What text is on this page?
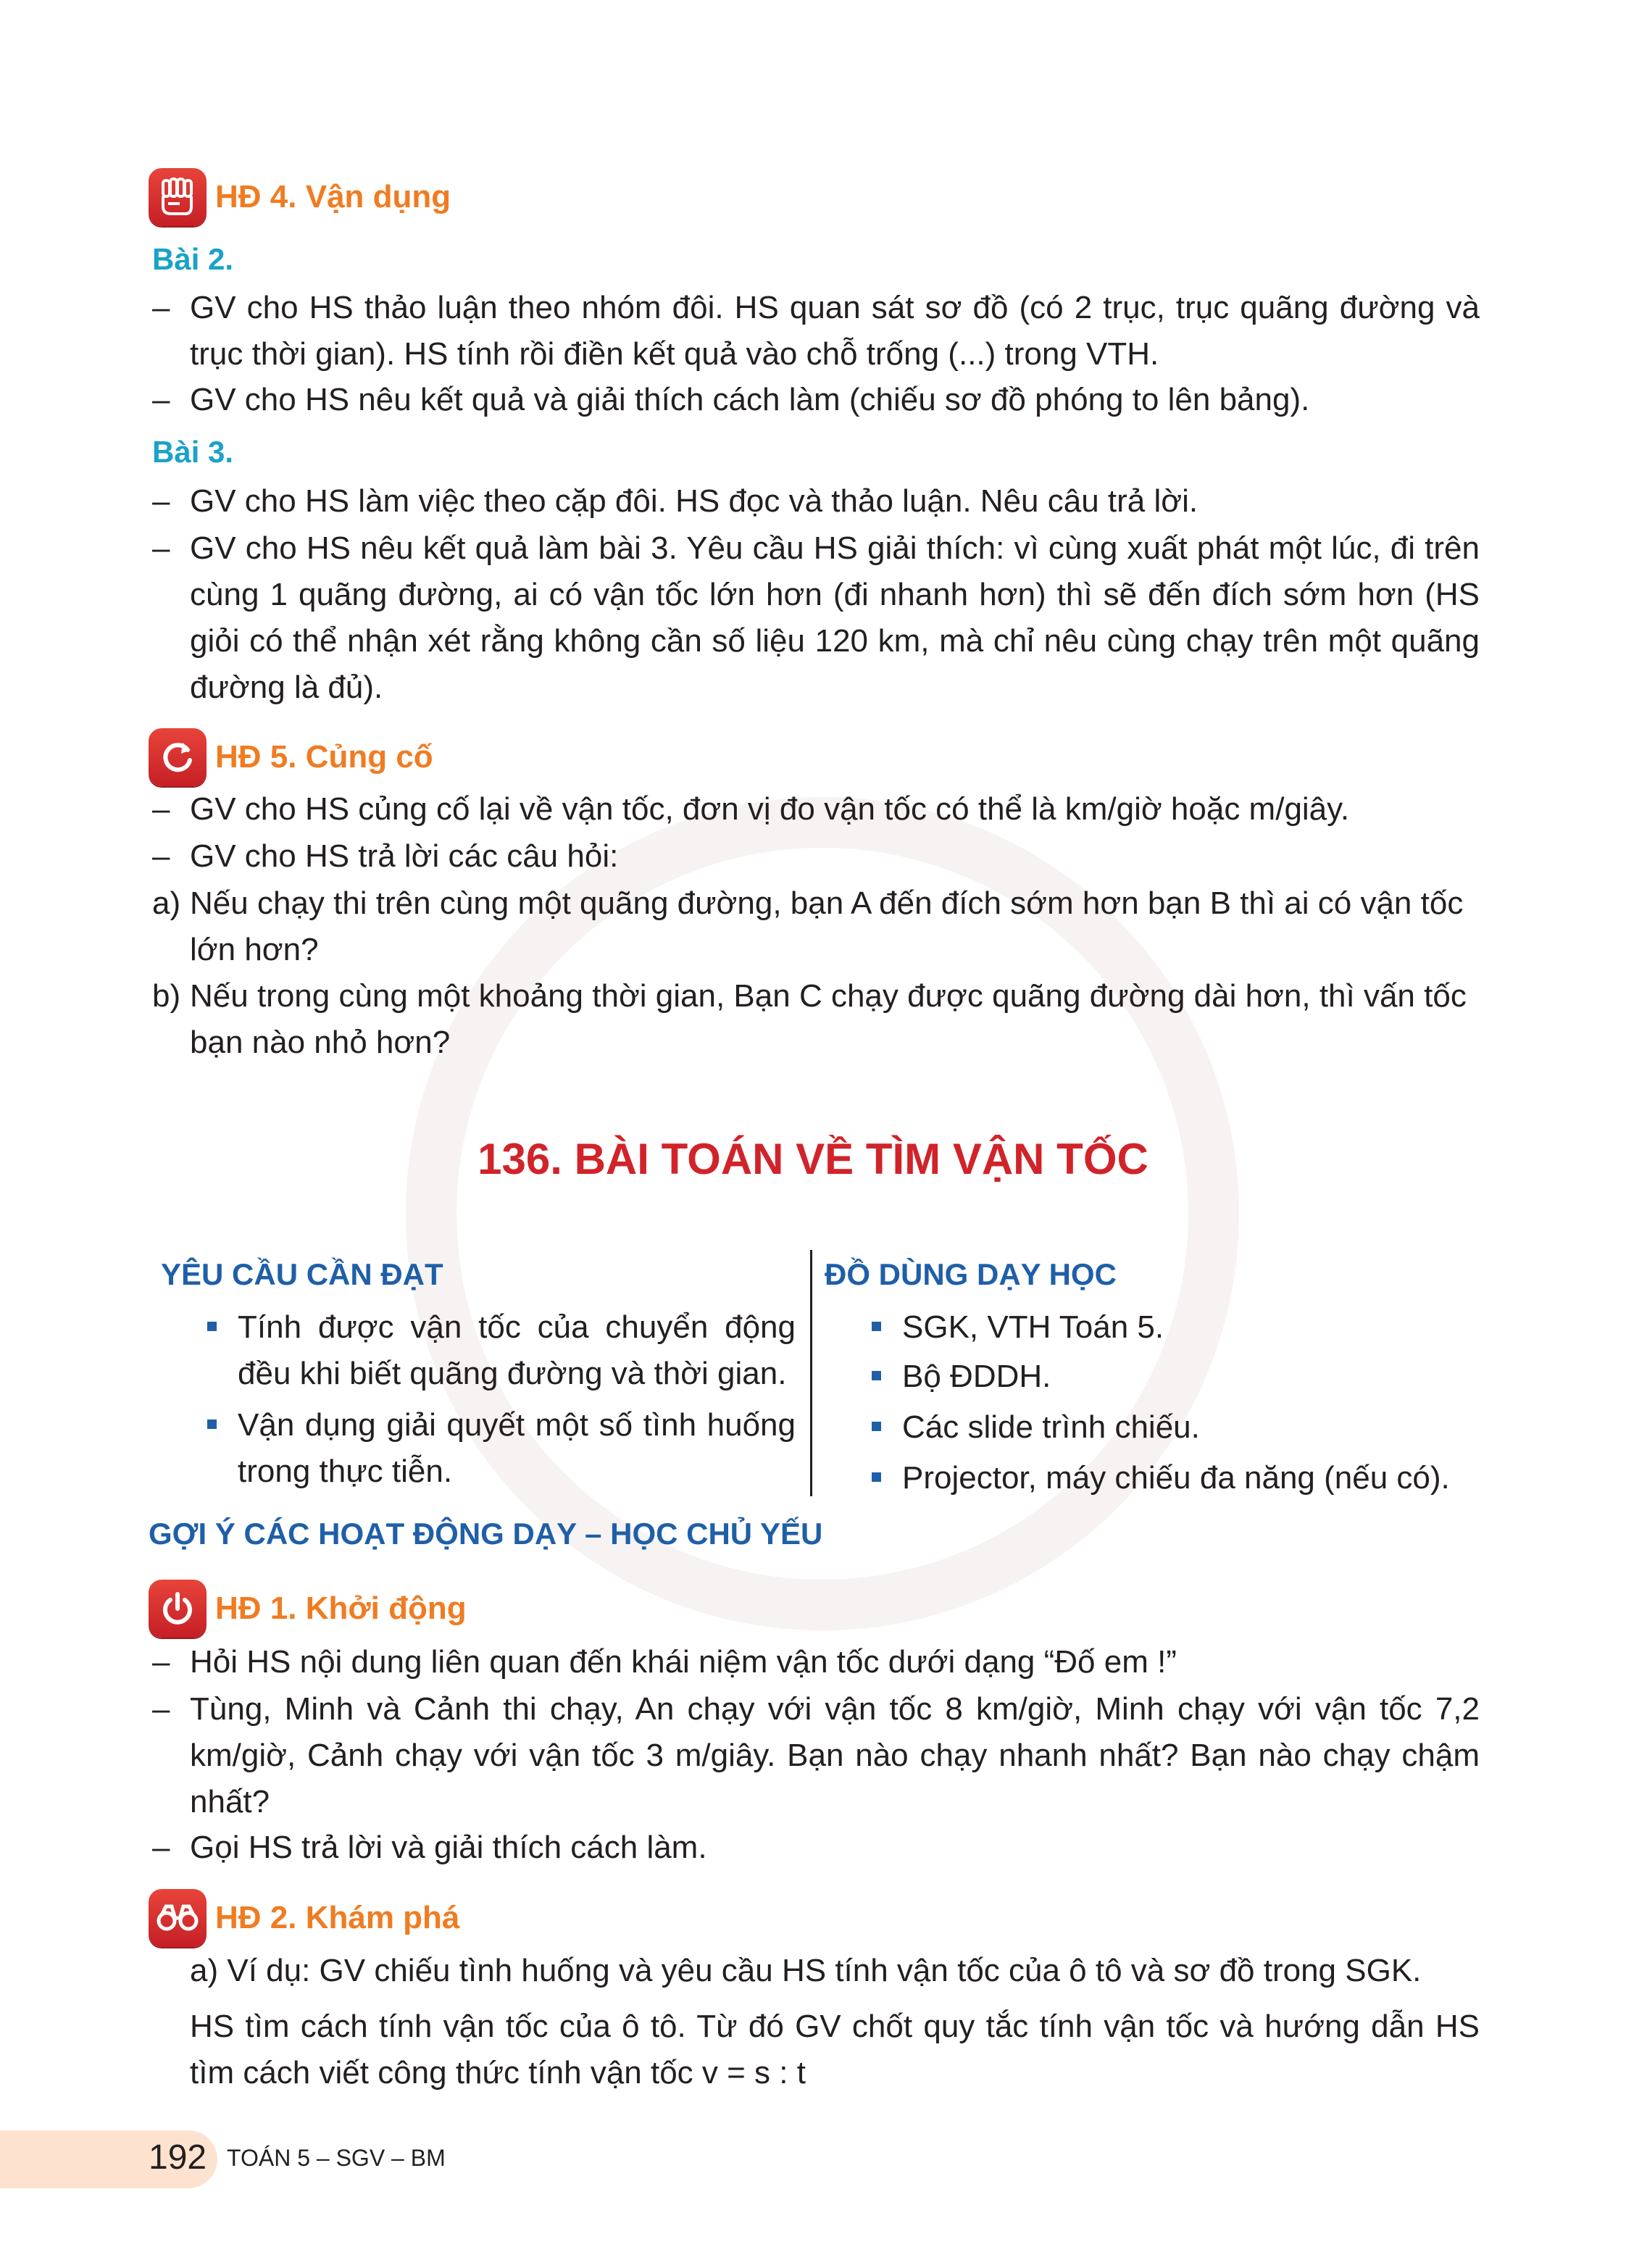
HĐ 4. Vận dụng
Bài 2.
– GV cho HS thảo luận theo nhóm đôi. HS quan sát sơ đồ (có 2 trục, trục quãng đường và trục thời gian). HS tính rồi điền kết quả vào chỗ trống (...) trong VTH.
– GV cho HS nêu kết quả và giải thích cách làm (chiếu sơ đồ phóng to lên bảng).
Bài 3.
– GV cho HS làm việc theo cặp đôi. HS đọc và thảo luận. Nêu câu trả lời.
– GV cho HS nêu kết quả làm bài 3. Yêu cầu HS giải thích: vì cùng xuất phát một lúc, đi trên cùng 1 quãng đường, ai có vận tốc lớn hơn (đi nhanh hơn) thì sẽ đến đích sớm hơn (HS giỏi có thể nhận xét rằng không cần số liệu 120 km, mà chỉ nêu cùng chạy trên một quãng đường là đủ).
HĐ 5. Củng cố
– GV cho HS củng cố lại về vận tốc, đơn vị đo vận tốc có thể là km/giờ hoặc m/giây.
– GV cho HS trả lời các câu hỏi:
a) Nếu chạy thi trên cùng một quãng đường, bạn A đến đích sớm hơn bạn B thì ai có vận tốc lớn hơn?
b) Nếu trong cùng một khoảng thời gian, Bạn C chạy được quãng đường dài hơn, thì vấn tốc bạn nào nhỏ hơn?
136. BÀI TOÁN VỀ TÌM VẬN TỐC
YÊU CẦU CẦN ĐẠT
Tính được vận tốc của chuyển động đều khi biết quãng đường và thời gian.
Vận dụng giải quyết một số tình huống trong thực tiễn.
ĐỒ DÙNG DẠY HỌC
SGK, VTH Toán 5.
Bộ ĐDDH.
Các slide trình chiếu.
Projector, máy chiếu đa năng (nếu có).
GỢI Ý CÁC HOẠT ĐỘNG DẠY – HỌC CHỦ YẾU
HĐ 1. Khởi động
– Hỏi HS nội dung liên quan đến khái niệm vận tốc dưới dạng “Đố em !”
– Tùng, Minh và Cảnh thi chạy, An chạy với vận tốc 8 km/giờ, Minh chạy với vận tốc 7,2 km/giờ, Cảnh chạy với vận tốc 3 m/giây. Bạn nào chạy nhanh nhất? Bạn nào chạy chậm nhất?
– Gọi HS trả lời và giải thích cách làm.
HĐ 2. Khám phá
a) Ví dụ: GV chiếu tình huống và yêu cầu HS tính vận tốc của ô tô và sơ đồ trong SGK.
HS tìm cách tính vận tốc của ô tô. Từ đó GV chốt quy tắc tính vận tốc và hướng dẫn HS tìm cách viết công thức tính vận tốc v = s : t
192 TOÁN 5 – SGV – BM
